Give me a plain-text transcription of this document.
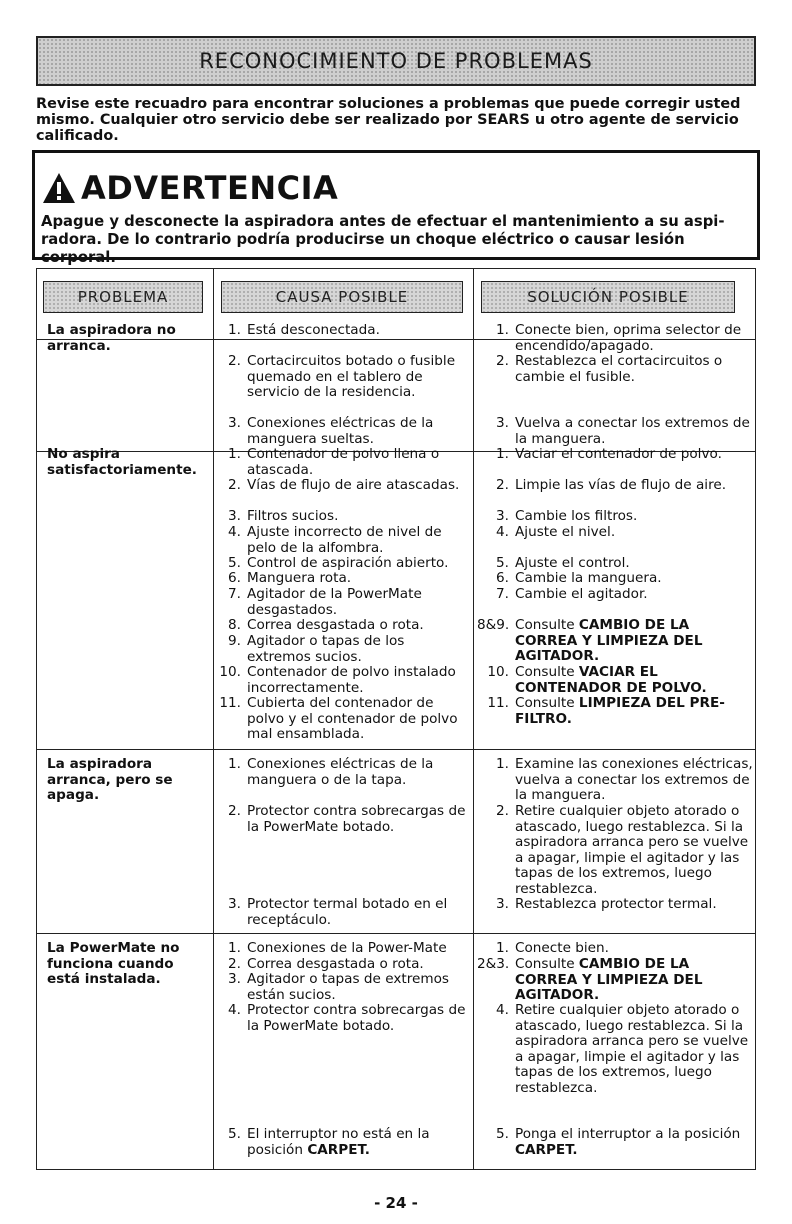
RECONOCIMIENTO DE PROBLEMAS
Revise este recuadro para encontrar soluciones a problemas que puede corregir usted mismo. Cualquier otro servicio debe ser realizado por SEARS u otro agente de servicio calificado.
ADVERTENCIA
Apague y desconecte la aspiradora antes de efectuar el mantenimiento a su aspi- radora. De lo contrario podría producirse un choque eléctrico o causar lesión corporal.
PROBLEMA	CAUSA POSIBLE	SOLUCIÓN POSIBLE
La aspiradora no arranca.
1. Está desconectada.
2. Cortacircuitos botado o fusible quemado en el tablero de servicio de la residencia.
3. Conexiones eléctricas de la manguera sueltas.
1. Conecte bien, oprima selector de encendido/apagado.
2. Restablezca el cortacircuitos o cambie el fusible.
3. Vuelva a conectar los extremos de la manguera.
No aspira satisfactoriamente.
1. Contenador de polvo llena o atascada.
2. Vías de flujo de aire atascadas.
3. Filtros sucios.
4. Ajuste incorrecto de nivel de pelo de la alfombra.
5. Control de aspiración abierto.
6. Manguera rota.
7. Agitador de la PowerMate desgastados.
8. Correa desgastada o rota.
9. Agitador o tapas de los extremos sucios.
10. Contenador de polvo instalado incorrectamente.
11. Cubierta del contenador de polvo y el contenador de polvo mal ensamblada.
1. Vaciar el contenador de polvo.
2. Limpie las vías de flujo de aire.
3. Cambie los filtros.
4. Ajuste el nivel.
5. Ajuste el control.
6. Cambie la manguera.
7. Cambie el agitador.
8&9. Consulte CAMBIO DE LA CORREA Y LIMPIEZA DEL AGITADOR.
10. Consulte VACIAR EL CONTENADOR DE POLVO.
11. Consulte LIMPIEZA DEL PRE-FILTRO.
La aspiradora arranca, pero se apaga.
1. Conexiones eléctricas de la manguera o de la tapa.
2. Protector contra sobrecargas de la PowerMate botado.
3. Protector termal botado en el receptáculo.
1. Examine las conexiones eléctricas, vuelva a conectar los extremos de la manguera.
2. Retire cualquier objeto atorado o atascado, luego restablezca. Si la aspiradora arranca pero se vuelve a apagar, limpie el agitador y las tapas de los extremos, luego restablezca.
3. Restablezca protector termal.
La PowerMate no funciona cuando está instalada.
1. Conexiones de la Power-Mate
2. Correa desgastada o rota.
3. Agitador o tapas de extremos están sucios.
4. Protector contra sobrecargas de la PowerMate botado.
5. El interruptor no está en la posición CARPET.
1. Conecte bien.
2&3. Consulte CAMBIO DE LA CORREA Y LIMPIEZA DEL AGITADOR.
4. Retire cualquier objeto atorado o atascado, luego restablezca. Si la aspiradora arranca pero se vuelve a apagar, limpie el agitador y las tapas de los extremos, luego restablezca.
5. Ponga el interruptor a la posición CARPET.
- 24 -
